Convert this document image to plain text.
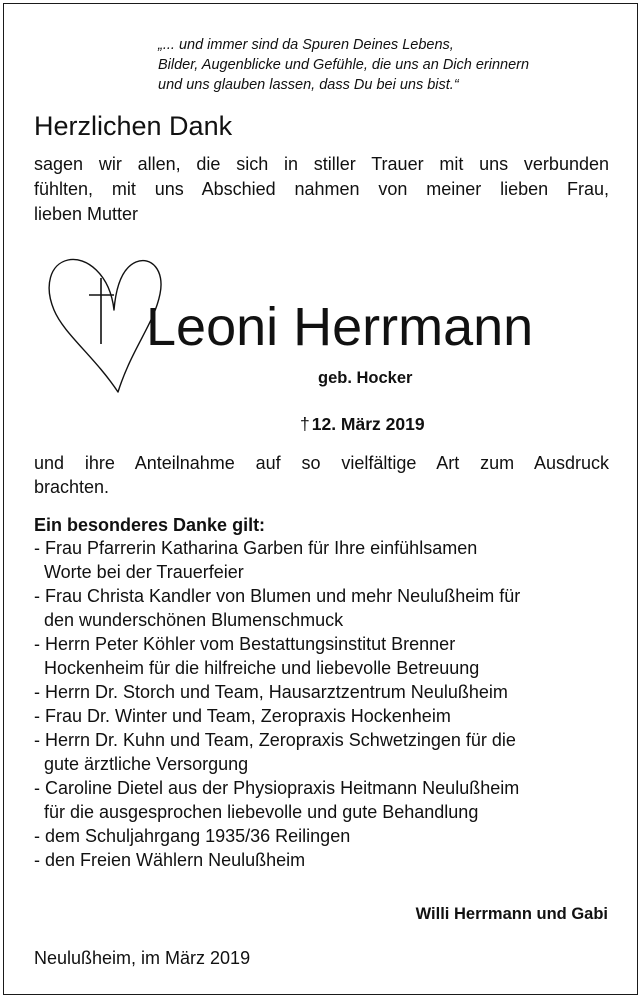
„... und immer sind da Spuren Deines Lebens,
Bilder, Augenblicke und Gefühle, die uns an Dich erinnern
und uns glauben lassen, dass Du bei uns bist.“
Herzlichen Dank
sagen wir allen, die sich in stiller Trauer mit uns verbunden
fühlten, mit uns Abschied nahmen von meiner lieben Frau,
lieben Mutter
Leoni Herrmann
geb. Hocker
† 12. März 2019
und ihre Anteilnahme auf so vielfältige Art zum Ausdruck
brachten.
Ein besonderes Danke gilt:
- Frau Pfarrerin Katharina Garben für Ihre einfühlsamen
Worte bei der Trauerfeier
- Frau Christa Kandler von Blumen und mehr Neulußheim für
den wunderschönen Blumenschmuck
- Herrn Peter Köhler vom Bestattungsinstitut Brenner
Hockenheim für die hilfreiche und liebevolle Betreuung
- Herrn Dr. Storch und Team, Hausarztzentrum Neulußheim
- Frau Dr. Winter und Team, Zeropraxis Hockenheim
- Herrn Dr. Kuhn und Team, Zeropraxis Schwetzingen für die
gute ärztliche Versorgung
- Caroline Dietel aus der Physiopraxis Heitmann Neulußheim
für die ausgesprochen liebevolle und gute Behandlung
- dem Schuljahrgang 1935/36 Reilingen
- den Freien Wählern Neulußheim
Willi Herrmann und Gabi
Neulußheim, im März 2019
